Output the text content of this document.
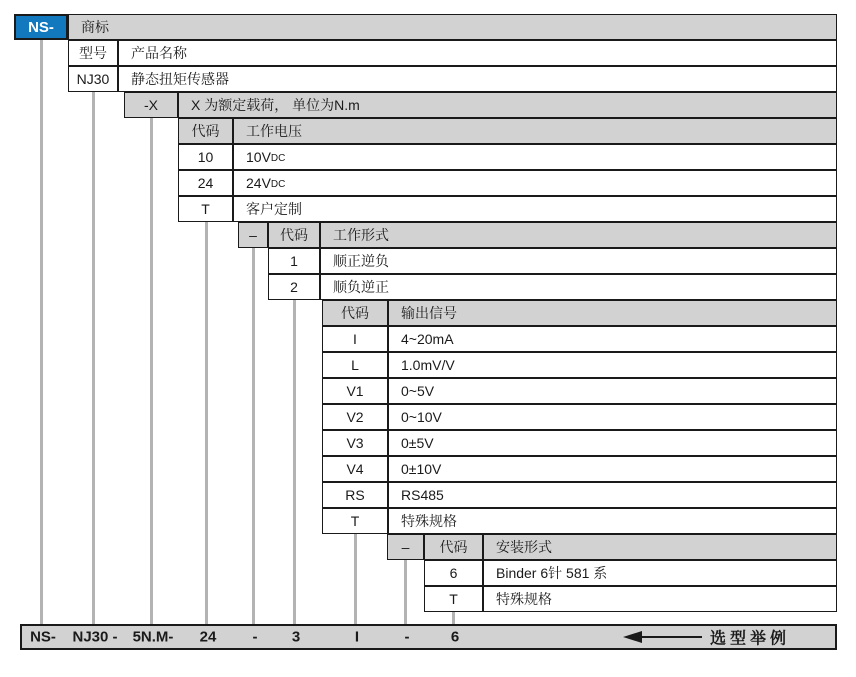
选型举例
NS- NJ30 - 5N.M- 24 - 3	I	-	6
NS- 商标
型号 产品名称
NJ30 静态扭矩传感器
-X X 为额定载荷， 单位为N.m
代码 工作电压
10 10V DC
24 24V DC
T	客户定制
– 代码 工作形式
1	顺正逆负
2	顺负逆正
代码 输出信号
I	4~20mA
L	1.0mV/V
V1	0~5V
V2	0~10V
V3	0±5V
V4	0±10V
RS	RS485
T	特殊规格
– 代码 安装形式
6	Binder 6针 581 系
T	特殊规格
